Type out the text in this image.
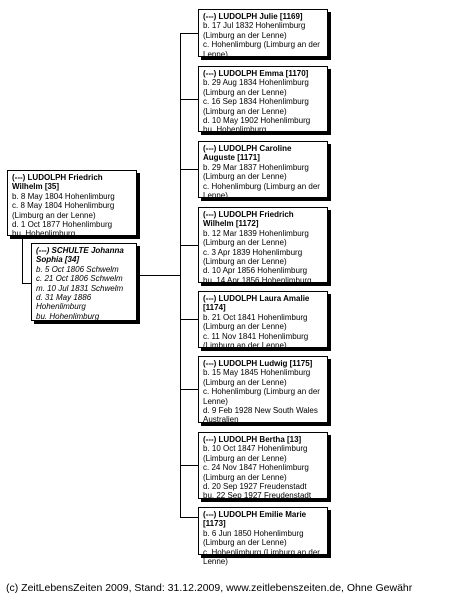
(---) LUDOLPH Friedrich Wilhelm [35]
b. 8 May 1804 Hohenlimburg
c. 8 May 1804 Hohenlimburg
(Limburg an der Lenne)
d. 1 Oct 1877 Hohenlimburg
bu. Hohenlimburg
(---) SCHULTE Johanna Sophia [34]
b. 5 Oct 1806 Schwelm
c. 21 Oct 1806 Schwelm
m. 10 Jul 1831 Schwelm
d. 31 May 1886
Hohenlimburg
bu. Hohenlimburg
(---) LUDOLPH Julie [1169]
b. 17 Jul 1832 Hohenlimburg
(Limburg an der Lenne)
c. Hohenlimburg (Limburg an der
Lenne)
(---) LUDOLPH Emma [1170]
b. 29 Aug 1834 Hohenlimburg
(Limburg an der Lenne)
c. 16 Sep 1834 Hohenlimburg
(Limburg an der Lenne)
d. 10 May 1902 Hohenlimburg
bu. Hohenlimburg
(---) LUDOLPH Caroline Auguste [1171]
b. 29 Mar 1837 Hohenlimburg
(Limburg an der Lenne)
c. Hohenlimburg (Limburg an der
Lenne)
(---) LUDOLPH Friedrich Wilhelm [1172]
b. 12 Mar 1839 Hohenlimburg
(Limburg an der Lenne)
c. 3 Apr 1839 Hohenlimburg
(Limburg an der Lenne)
d. 10 Apr 1856 Hohenlimburg
bu. 14 Apr 1856 Hohenlimburg
(---) LUDOLPH Laura Amalie [1174]
b. 21 Oct 1841 Hohenlimburg
(Limburg an der Lenne)
c. 11 Nov 1841 Hohenlimburg
(Limburg an der Lenne)
(---) LUDOLPH Ludwig [1175]
b. 15 May 1845 Hohenlimburg
(Limburg an der Lenne)
c. Hohenlimburg (Limburg an der
Lenne)
d. 9 Feb 1928 New South Wales
Australien
(---) LUDOLPH Bertha [13]
b. 10 Oct 1847 Hohenlimburg
(Limburg an der Lenne)
c. 24 Nov 1847 Hohenlimburg
(Limburg an der Lenne)
d. 20 Sep 1927 Freudenstadt
bu. 22 Sep 1927 Freudenstadt
(---) LUDOLPH Emilie Marie [1173]
b. 6 Jun 1850 Hohenlimburg
(Limburg an der Lenne)
c. Hohenlimburg (Limburg an der
Lenne)
(c) ZeitLebensZeiten 2009, Stand: 31.12.2009, www.zeitlebenszeiten.de, Ohne Gewähr
